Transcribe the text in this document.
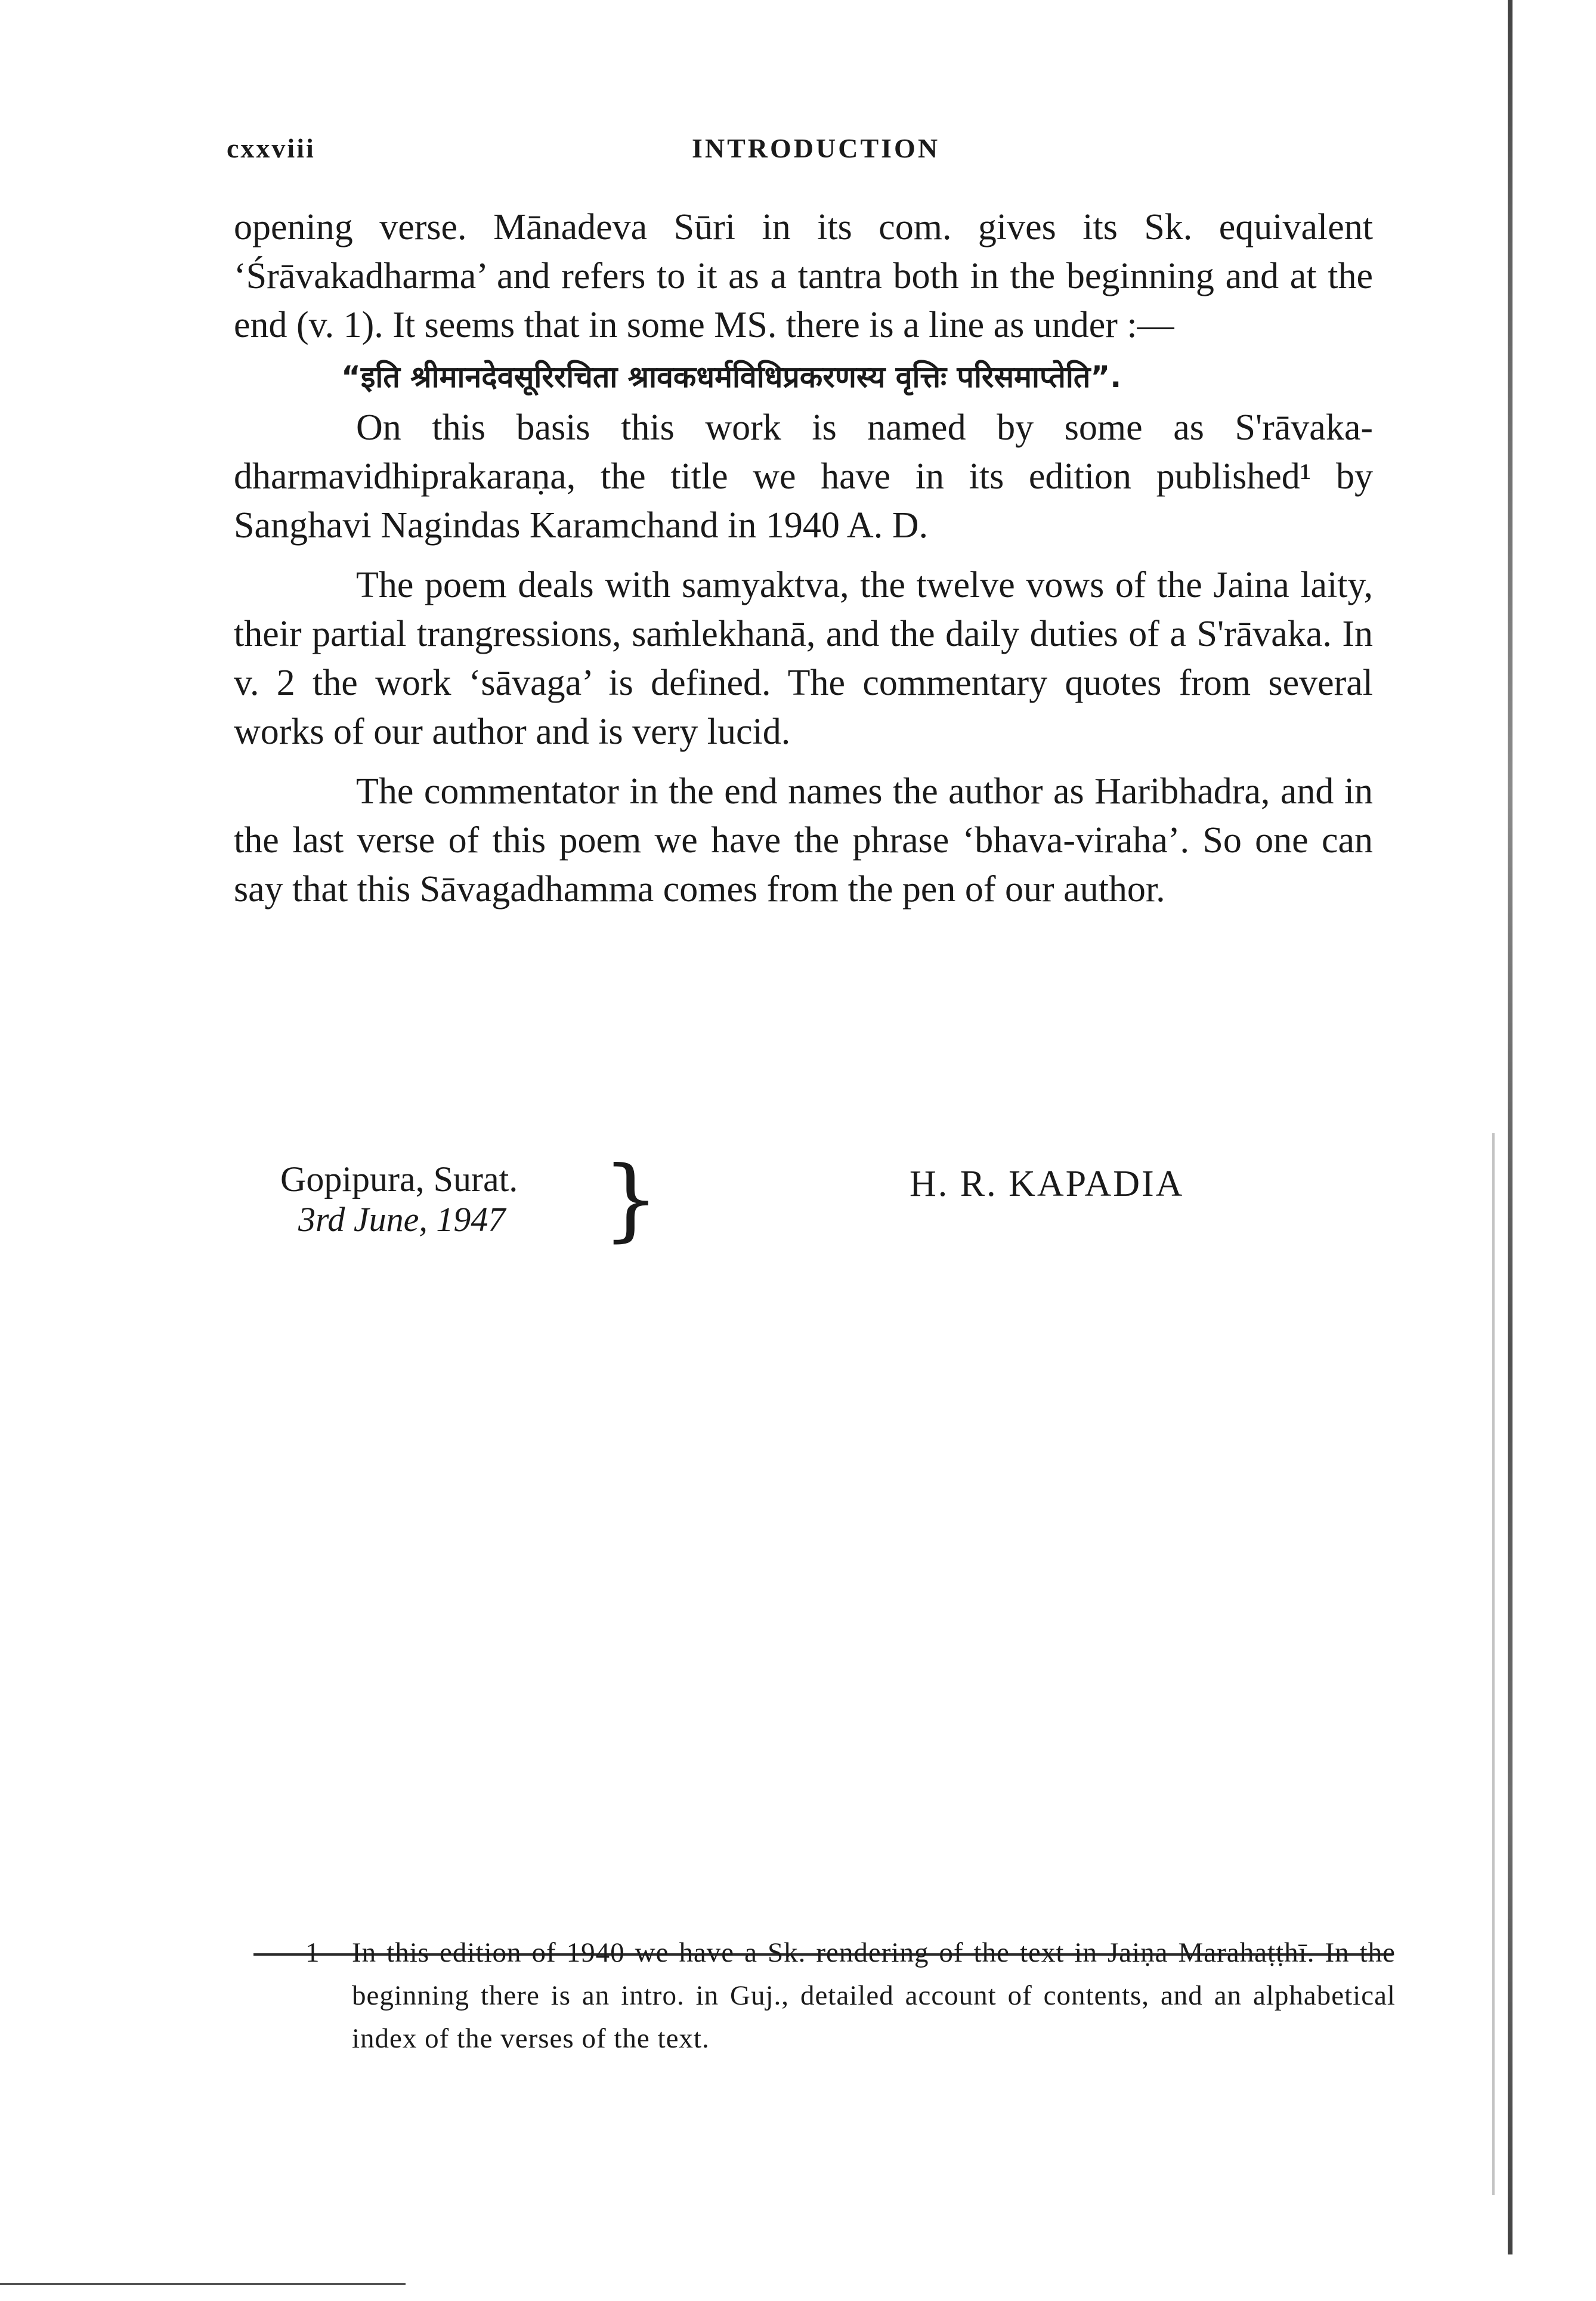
cxxviii	INTRODUCTION

opening verse. Mānadeva Sūri in its com. gives its Sk. equivalent ‘Śrāvakadharma’ and refers to it as a tantra both in the beginning and at the end (v. 1). It seems that in some MS. there is a line as under :—

“इति श्रीमानदेवसूरिरचिता श्रावकधर्मविधिप्रकरणस्य वृत्तिः परिसमाप्तेति”.

On this basis this work is named by some as S'rāvaka-dharmavidhiprakaraṇa, the title we have in its edition published¹ by Sanghavi Nagindas Karamchand in 1940 A. D.

The poem deals with samyaktva, the twelve vows of the Jaina laity, their partial trangressions, saṁlekhanā, and the daily duties of a S'rāvaka. In v. 2 the work ‘sāvaga’ is defined. The commentary quotes from several works of our author and is very lucid.

The commentator in the end names the author as Haribhadra, and in the last verse of this poem we have the phrase ‘bhava-viraha’. So one can say that this Sāvagadhamma comes from the pen of our author.

Gopipura, Surat.
3rd June, 1947 }	H. R. KAPADIA
1 In this edition of 1940 we have a Sk. rendering of the text in Jaiṇa Marahaṭṭhī. In the beginning there is an intro. in Guj., detailed account of contents, and an alphabetical index of the verses of the text.
